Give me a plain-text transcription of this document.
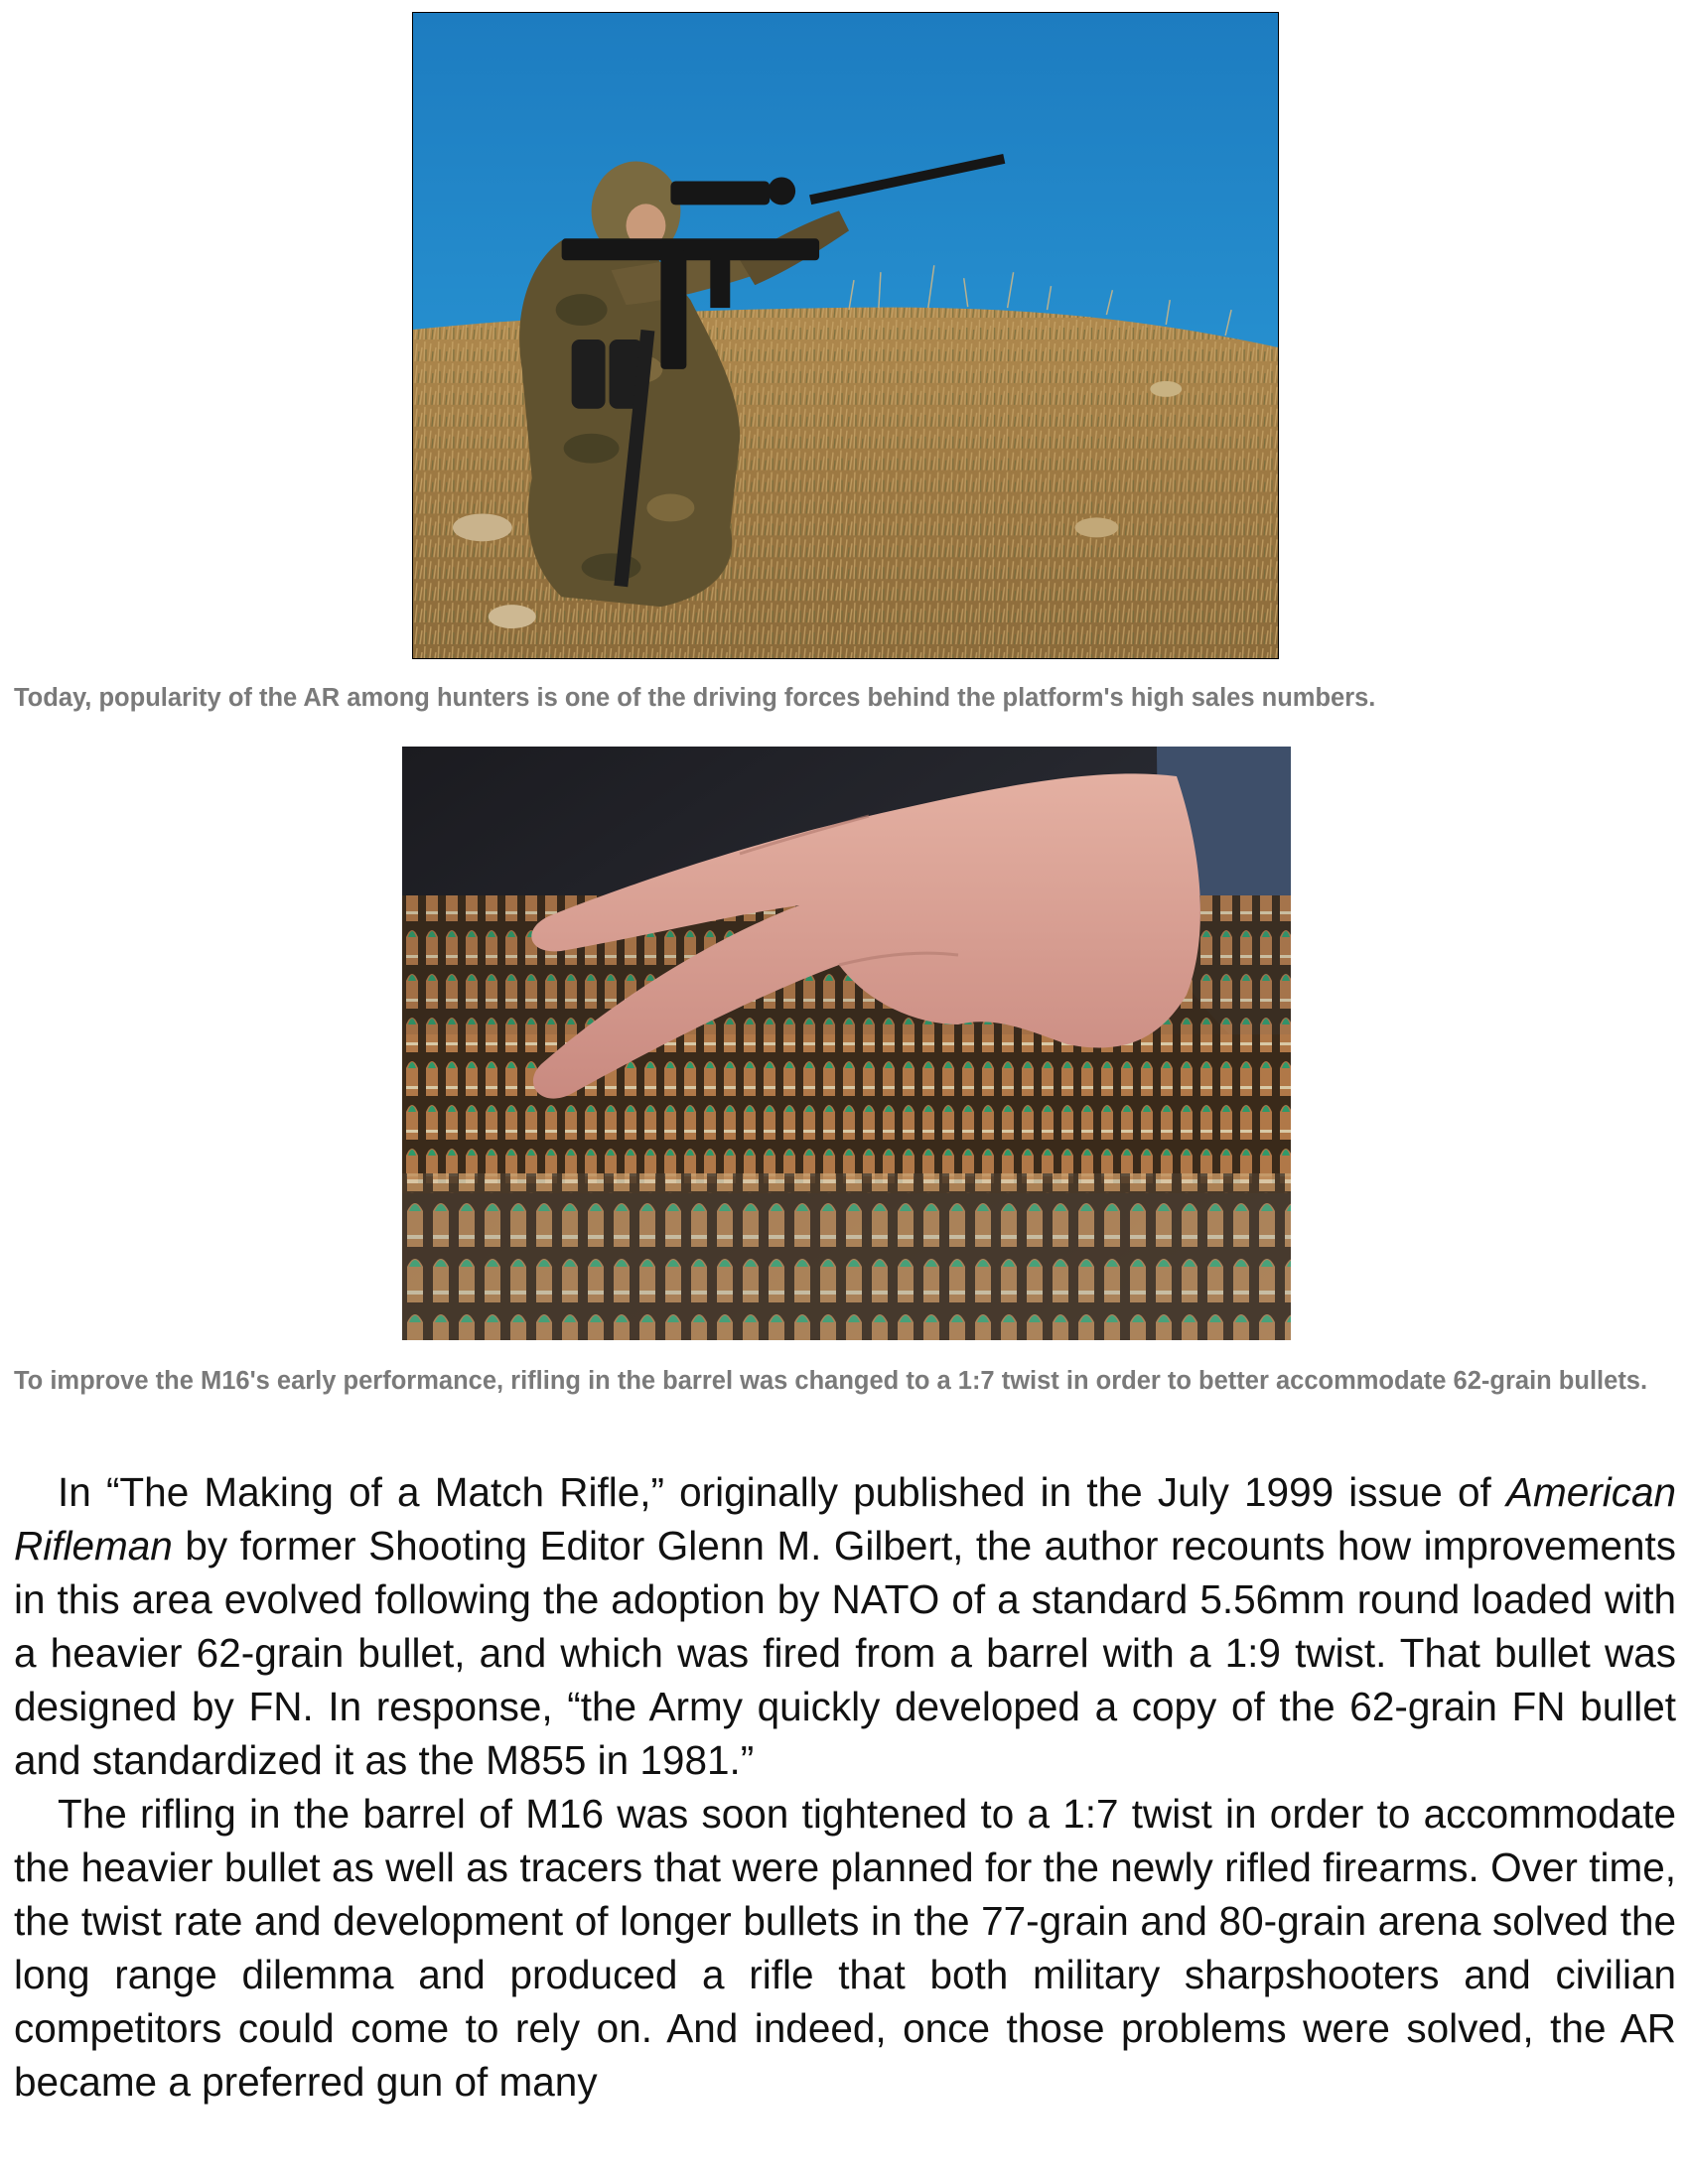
Today, popularity of the AR among hunters is one of the driving forces behind the platform's high sales numbers.

To improve the M16's early performance, rifling in the barrel was changed to a 1:7 twist in order to better accommodate 62-grain bullets.

In “The Making of a Match Rifle,” originally published in the July 1999 issue of American Rifleman by former Shooting Editor Glenn M. Gilbert, the author recounts how improvements in this area evolved following the adoption by NATO of a standard 5.56mm round loaded with a heavier 62-grain bullet, and which was fired from a barrel with a 1:9 twist. That bullet was designed by FN. In response, “the Army quickly developed a copy of the 62-grain FN bullet and standardized it as the M855 in 1981.”

The rifling in the barrel of M16 was soon tightened to a 1:7 twist in order to accommodate the heavier bullet as well as tracers that were planned for the newly rifled firearms. Over time, the twist rate and development of longer bullets in the 77-grain and 80-grain arena solved the long range dilemma and produced a rifle that both military sharpshooters and civilian competitors could come to rely on. And indeed, once those problems were solved, the AR became a preferred gun of many
